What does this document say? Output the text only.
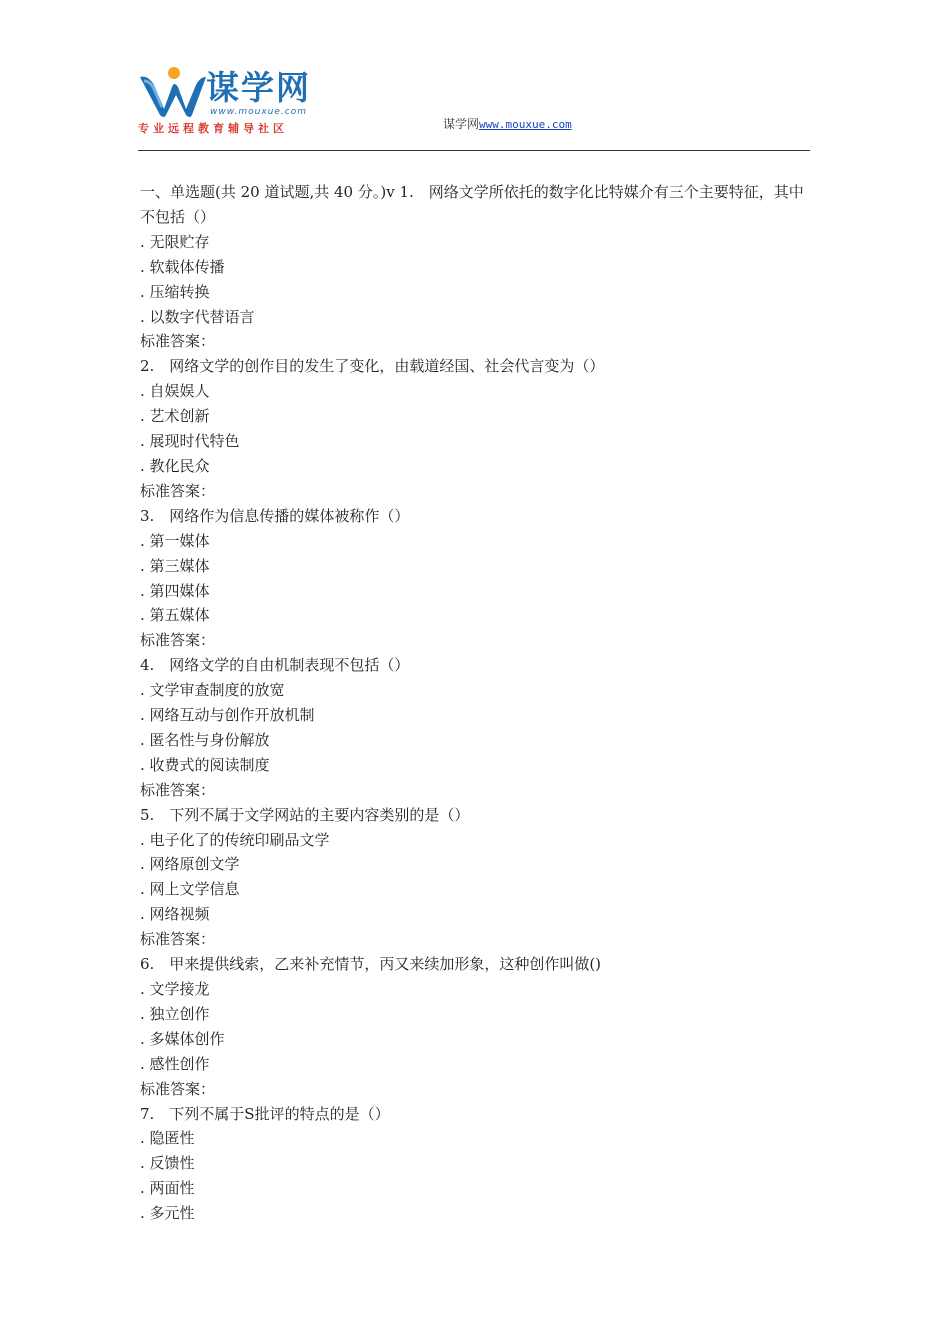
谋学网
www.mouxue.com
专业远程教育辅导社区	谋学网www.mouxue.com
一、单选题(共 20 道试题,共 40 分。)v 1.　网络文学所依托的数字化比特媒介有三个主要特征，其中不包括（）
. 无限贮存
. 软载体传播
. 压缩转换
. 以数字代替语言
标准答案：
2.　网络文学的创作目的发生了变化，由载道经国、社会代言变为（）
. 自娱娱人
. 艺术创新
. 展现时代特色
. 教化民众
标准答案：
3.　网络作为信息传播的媒体被称作（）
. 第一媒体
. 第三媒体
. 第四媒体
. 第五媒体
标准答案：
4.　网络文学的自由机制表现不包括（）
. 文学审查制度的放宽
. 网络互动与创作开放机制
. 匿名性与身份解放
. 收费式的阅读制度
标准答案：
5.　下列不属于文学网站的主要内容类别的是（）
. 电子化了的传统印刷品文学
. 网络原创文学
. 网上文学信息
. 网络视频
标准答案：
6.　甲来提供线索，乙来补充情节，丙又来续加形象，这种创作叫做()
. 文学接龙
. 独立创作
. 多媒体创作
. 感性创作
标准答案：
7.　下列不属于S批评的特点的是（）
. 隐匿性
. 反馈性
. 两面性
. 多元性
